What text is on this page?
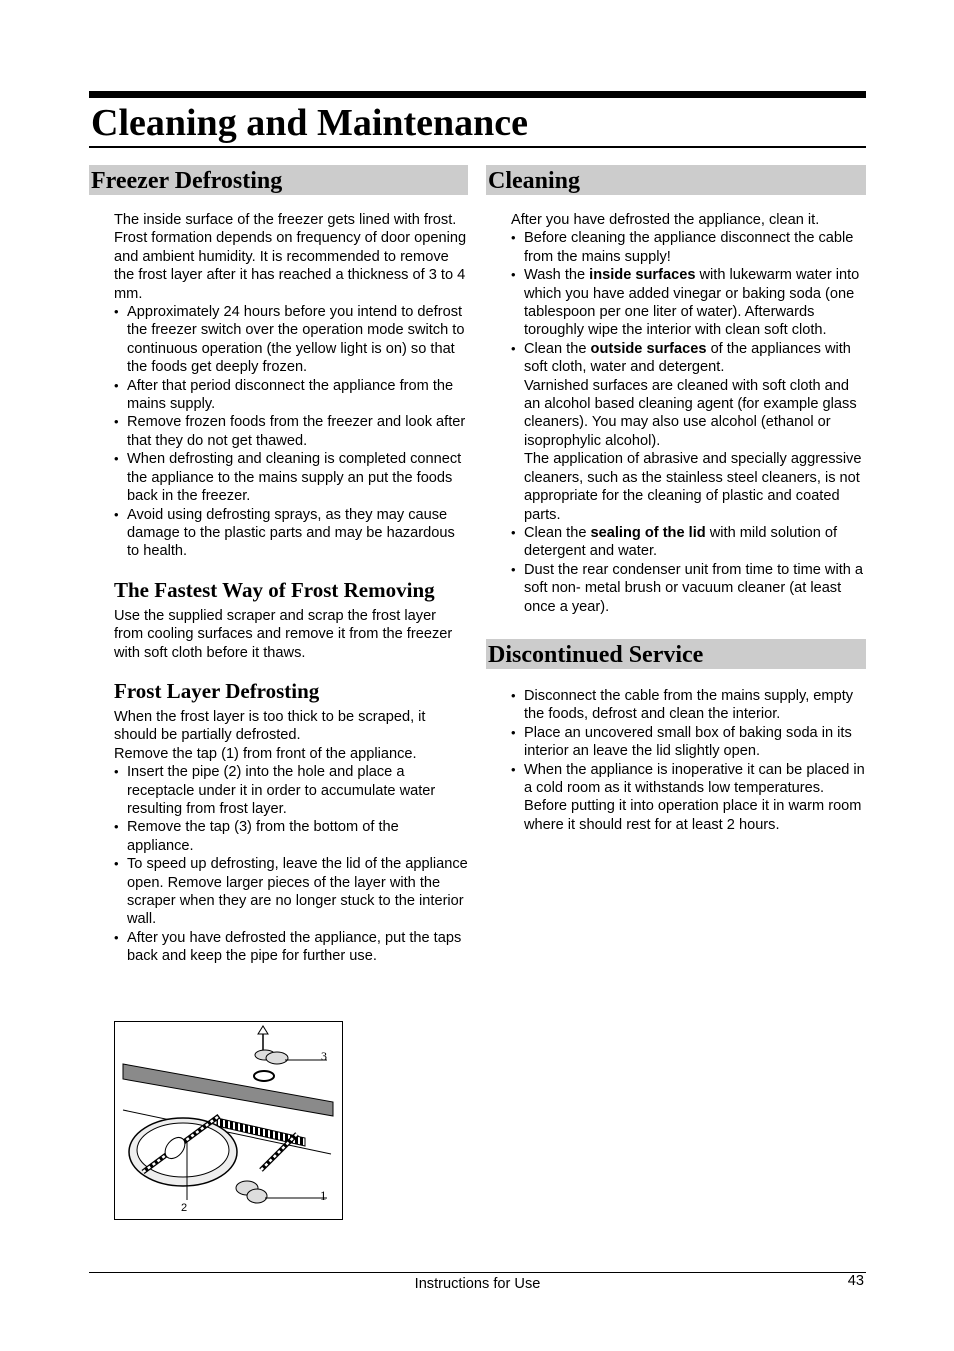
Cleaning and Maintenance
Freezer Defrosting

The inside surface of the freezer gets lined with frost. Frost formation depends on frequency of door opening and ambient humidity. It is recommended to remove the frost layer after it has reached a thickness of 3 to 4 mm.

• Approximately 24 hours before you intend to defrost the freezer switch over the operation mode switch to continuous operation (the yellow light is on) so that the foods get deeply frozen.
• After that period disconnect the appliance from the mains supply.
• Remove frozen foods from the freezer and look after that they do not get thawed.
• When defrosting and cleaning is completed connect the appliance to the mains supply an put the foods back in the freezer.
• Avoid using defrosting sprays, as they may cause damage to the plastic parts and may be hazardous to health.
The Fastest Way of Frost Removing

Use the supplied scraper and scrap the frost layer from cooling surfaces and remove it from the freezer with soft cloth before it thaws.

Frost Layer Defrosting

When the frost layer is too thick to be scraped, it should be partially defrosted.

Remove the tap (1) from front of the appliance.

• Insert the pipe (2) into the hole and place a receptacle under it in order to accumulate water resulting from frost layer.
• Remove the tap (3) from the bottom of the appliance.
• To speed up defrosting, leave the lid of the appliance open. Remove larger pieces of the layer with the scraper when they are no longer stuck to the interior wall.
• After you have defrosted the appliance, put the taps back and keep the pipe for further use.
3
2
1
Cleaning

After you have defrosted the appliance, clean it.

• Before cleaning the appliance disconnect the cable from the mains supply!
• Wash the inside surfaces with lukewarm water into which you have added vinegar or baking soda (one tablespoon per one liter of water). Afterwards toroughly wipe the interior with clean soft cloth.
• Clean the outside surfaces of the appliances with soft cloth, water and detergent.
Varnished surfaces are cleaned with soft cloth and an alcohol based cleaning agent (for example glass cleaners). You may also use alcohol (ethanol or isoprophylic alcohol).
The application of abrasive and specially aggressive cleaners, such as the stainless steel cleaners, is not appropriate for the cleaning of plastic and coated parts.
• Clean the sealing of the lid with mild solution of detergent and water.
• Dust the rear condenser unit from time to time with a soft non- metal brush or vacuum cleaner (at least once a year).
Discontinued Service
• Disconnect the cable from the mains supply, empty the foods, defrost and clean the interior.
• Place an uncovered small box of baking soda in its interior an leave the lid slightly open.
• When the appliance is inoperative it can be placed in a cold room as it withstands low temperatures. Before putting it into operation place it in warm room where it should rest for at least 2 hours.
Instructions for Use	43
